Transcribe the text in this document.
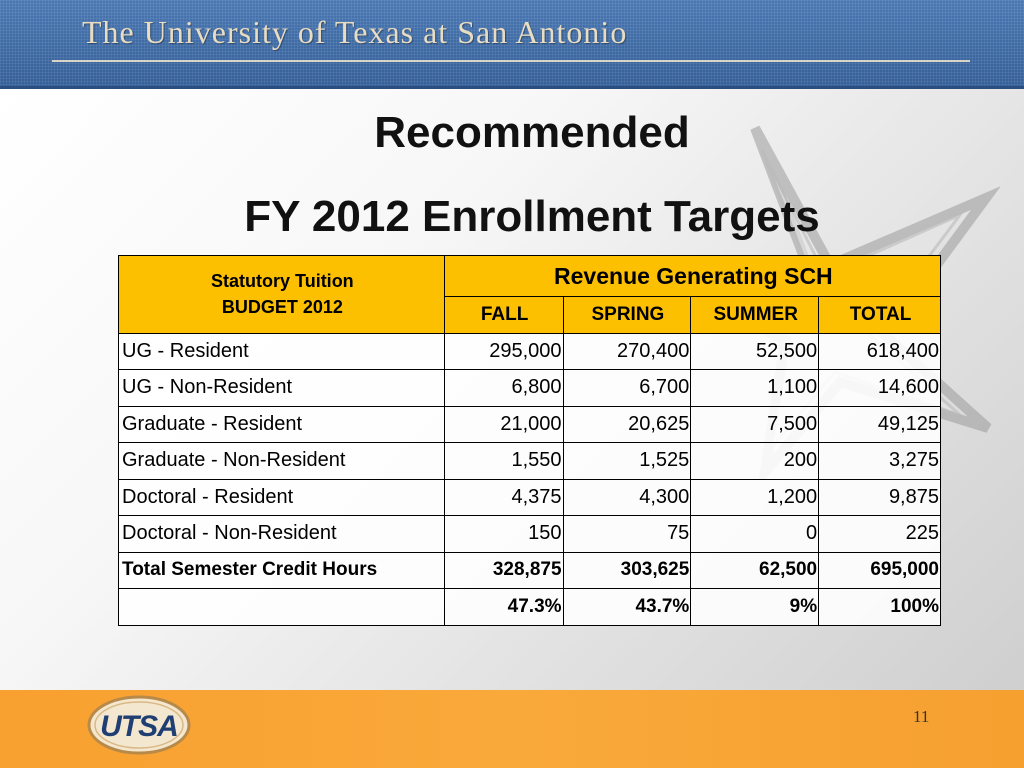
The University of Texas at San Antonio
Recommended
FY 2012 Enrollment Targets
Statutory Tuition
BUDGET 2012	Revenue Generating SCH			
	FALL	SPRING	SUMMER	TOTAL
UG - Resident	295,000	270,400	52,500	618,400
UG - Non-Resident	6,800	6,700	1,100	14,600
Graduate - Resident	21,000	20,625	7,500	49,125
Graduate - Non-Resident	1,550	1,525	200	3,275
Doctoral - Resident	4,375	4,300	1,200	9,875
Doctoral - Non-Resident	150	75	0	225
Total Semester Credit Hours	328,875	303,625	62,500	695,000
	47.3%	43.7%	9%	100%
UTSA	11
